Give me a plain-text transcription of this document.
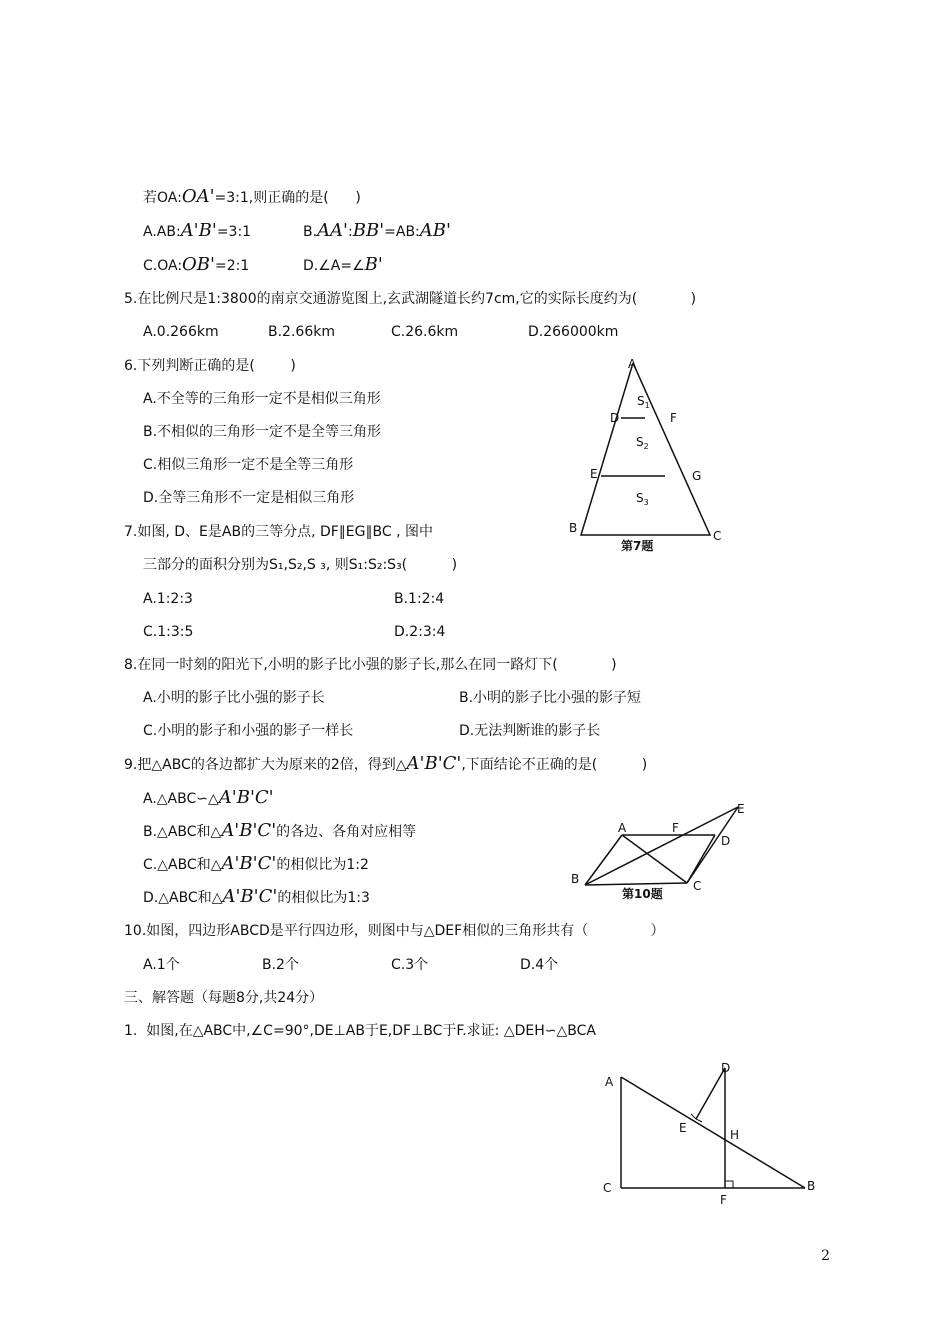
若OA:OA'=3:1,则正确的是(      )
A.AB:A'B'=3:1	B.AA':BB'=AB:AB'
C.OA:OB'=2:1	D.∠A=∠B'
5.在比例尺是1:3800的南京交通游览图上,玄武湖隧道长约7cm,它的实际长度约为(            )
A.0.266km	B.2.66km	C.26.6km	D.266000km
6.下列判断正确的是(        )
A.不全等的三角形一定不是相似三角形
B.不相似的三角形一定不是全等三角形
C.相似三角形一定不是全等三角形
D.全等三角形不一定是相似三角形
A
B
C
D	F
E	G
$S_1$
$S_2$
$S_3$
第7题
7.如图, D、E是AB的三等分点, DF∥EG∥BC , 图中
三部分的面积分别为S₁,S₂,S ₃, 则S₁:S₂:S₃(          )
A.1:2:3	B.1:2:4
C.1:3:5	D.2:3:4
8.在同一时刻的阳光下,小明的影子比小强的影子长,那么在同一路灯下(            )
A.小明的影子比小强的影子长	B.小明的影子比小强的影子短
C.小明的影子和小强的影子一样长	D.无法判断谁的影子长
9.把△ABC的各边都扩大为原来的2倍，得到△A'B'C',下面结论不正确的是(          )
A.△ABC∽△A'B'C'
B.△ABC和△A'B'C'的各边、各角对应相等
C.△ABC和△A'B'C'的相似比为1:2
D.△ABC和△A'B'C'的相似比为1:3
A
B	C
D
E
F
第10题
10.如图，四边形ABCD是平行四边形，则图中与△DEF相似的三角形共有（              ）
A.1个	B.2个	C.3个	D.4个
三、解答题（每题8分,共24分）
1.  如图,在△ABC中,∠C=90°,DE⊥AB于E,DF⊥BC于F.求证: △DEH∽△BCA
A
B
C
D
E
F
H
2
